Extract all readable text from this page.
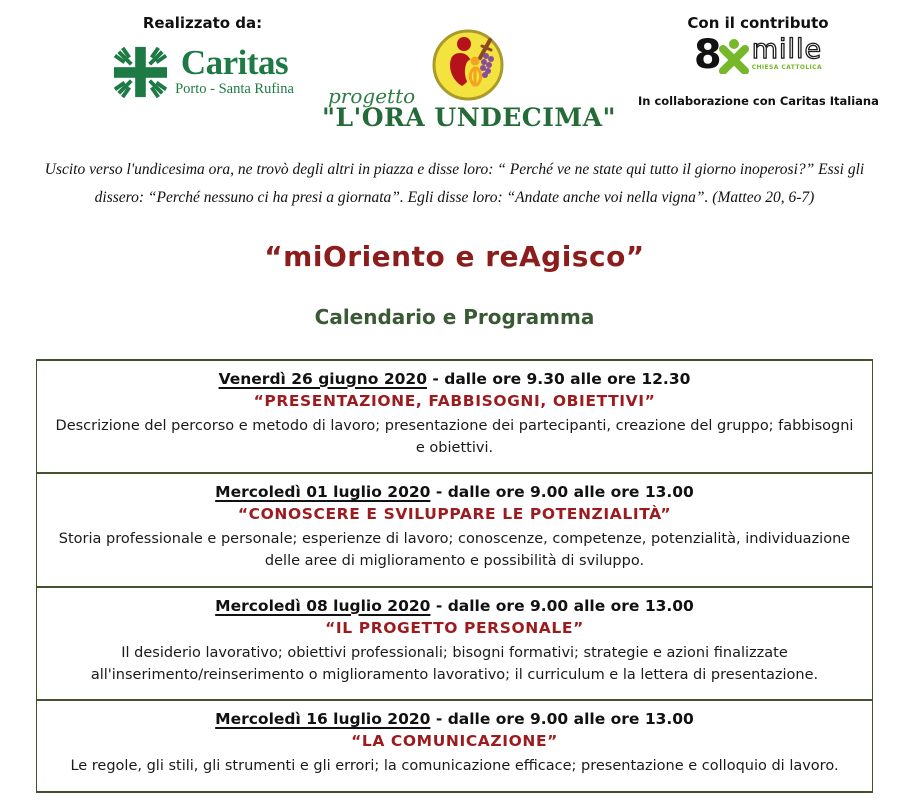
Realizzato da:
Caritas
Porto - Santa Rufina progetto
"L'ORA UNDECIMA"
Con il contributo
8 mille
CHIESA CATTOLICA
In collaborazione con Caritas Italiana
Uscito verso l'undicesima ora, ne trovò degli altri in piazza e disse loro: “ Perché ve ne state qui tutto il giorno inoperosi?” Essi gli dissero: “Perché nessuno ci ha presi a giornata”. Egli disse loro: “Andate anche voi nella vigna”. (Matteo 20, 6-7)
“miOriento e reAgisco”
Calendario e Programma
Venerdì 26 giugno 2020 - dalle ore 9.30 alle ore 12.30
“PRESENTAZIONE, FABBISOGNI, OBIETTIVI”
Descrizione del percorso e metodo di lavoro; presentazione dei partecipanti, creazione del gruppo; fabbisogni e obiettivi.
Mercoledì 01 luglio 2020 - dalle ore 9.00 alle ore 13.00
“CONOSCERE E SVILUPPARE LE POTENZIALITÀ”
Storia professionale e personale; esperienze di lavoro; conoscenze, competenze, potenzialità, individuazione delle aree di miglioramento e possibilità di sviluppo.
Mercoledì 08 luglio 2020 - dalle ore 9.00 alle ore 13.00
“IL PROGETTO PERSONALE”
Il desiderio lavorativo; obiettivi professionali; bisogni formativi; strategie e azioni finalizzate all'inserimento/reinserimento o miglioramento lavorativo; il curriculum e la lettera di presentazione.
Mercoledì 16 luglio 2020 - dalle ore 9.00 alle ore 13.00
“LA COMUNICAZIONE”
Le regole, gli stili, gli strumenti e gli errori; la comunicazione efficace; presentazione e colloquio di lavoro.
